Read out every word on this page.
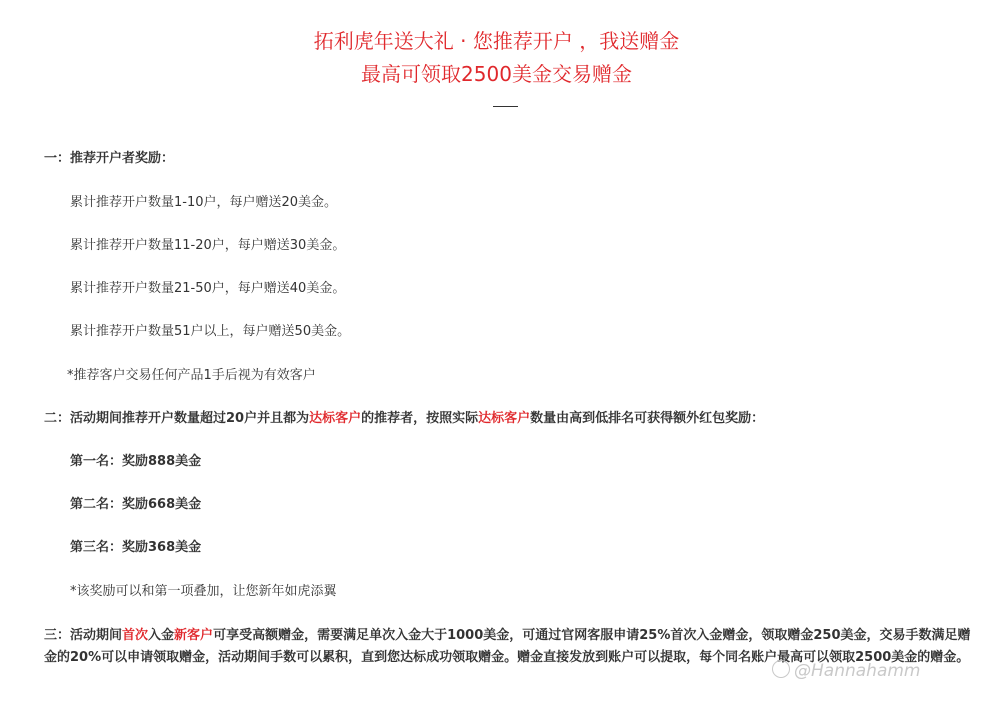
拓利虎年送大礼 · 您推荐开户 ，我送赠金
最高可领取2500美金交易赠金
一：推荐开户者奖励：
累计推荐开户数量1-10户，每户赠送20美金。
累计推荐开户数量11-20户，每户赠送30美金。
累计推荐开户数量21-50户，每户赠送40美金。
累计推荐开户数量51户以上，每户赠送50美金。
*推荐客户交易任何产品1手后视为有效客户
二：活动期间推荐开户数量超过20户并且都为达标客户的推荐者，按照实际达标客户数量由高到低排名可获得额外红包奖励：
第一名：奖励888美金
第二名：奖励668美金
第三名：奖励368美金
*该奖励可以和第一项叠加，让您新年如虎添翼
三：活动期间首次入金新客户可享受高额赠金，需要满足单次入金大于1000美金，可通过官网客服申请25%首次入金赠金，领取赠金250美金，交易手数满足赠金的20%可以申请领取赠金，活动期间手数可以累积，直到您达标成功领取赠金。赠金直接发放到账户可以提取，每个同名账户最高可以领取2500美金的赠金。
@Hannahamm
